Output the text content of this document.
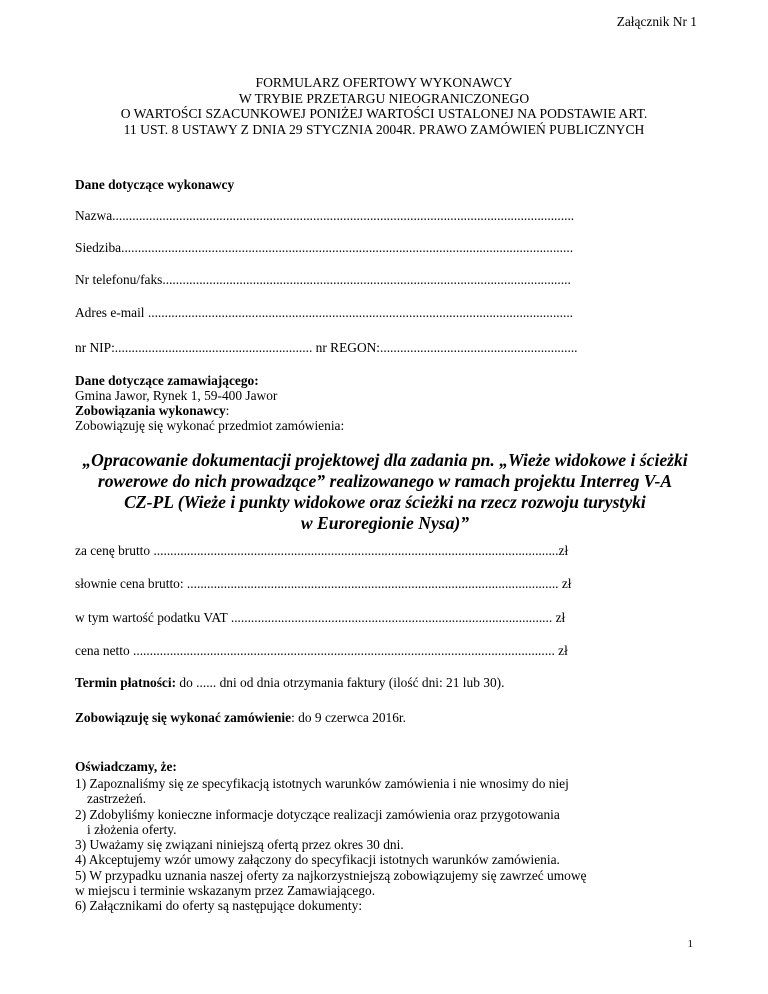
Załącznik Nr 1
FORMULARZ OFERTOWY WYKONAWCY
W TRYBIE PRZETARGU NIEOGRANICZONEGO
O WARTOŚCI SZACUNKOWEJ PONIŻEJ WARTOŚCI USTALONEJ NA PODSTAWIE ART.
11 UST. 8 USTAWY Z DNIA 29 STYCZNIA 2004R. PRAWO ZAMÓWIEŃ PUBLICZNYCH
Dane dotyczące wykonawcy
Nazwa..........................................................................................................................................
Siedziba.......................................................................................................................................
Nr telefonu/faks..........................................................................................................................
Adres e-mail ...............................................................................................................................
nr NIP:........................................................... nr REGON:...........................................................
Dane dotyczące zamawiającego:
Gmina Jawor, Rynek 1, 59-400 Jawor
Zobowiązania wykonawcy:
Zobowiązuję się wykonać przedmiot zamówienia:
„Opracowanie dokumentacji projektowej dla zadania pn. „Wieże widokowe i ścieżki
rowerowe do nich prowadzące” realizowanego w ramach projektu Interreg V-A
CZ-PL (Wieże i punkty widokowe oraz ścieżki na rzecz rozwoju turystyki
w Euroregionie Nysa)”
za cenę brutto .........................................................................................................................zł
słownie cena brutto: ............................................................................................................... zł
w tym wartość podatku VAT ................................................................................................ zł
cena netto .............................................................................................................................. zł
Termin płatności: do ...... dni od dnia otrzymania faktury (ilość dni: 21 lub 30).
Zobowiązuję się wykonać zamówienie: do 9 czerwca 2016r.
Oświadczamy, że:
1) Zapoznaliśmy się ze specyfikacją istotnych warunków zamówienia i nie wnosimy do niej
zastrzeżeń.
2) Zdobyliśmy konieczne informacje dotyczące realizacji zamówienia oraz przygotowania
i złożenia oferty.
3) Uważamy się związani niniejszą ofertą przez okres 30 dni.
4) Akceptujemy wzór umowy załączony do specyfikacji istotnych warunków zamówienia.
5) W przypadku uznania naszej oferty za najkorzystniejszą zobowiązujemy się zawrzeć umowę
w miejscu i terminie wskazanym przez Zamawiającego.
6) Załącznikami do oferty są następujące dokumenty:
1
